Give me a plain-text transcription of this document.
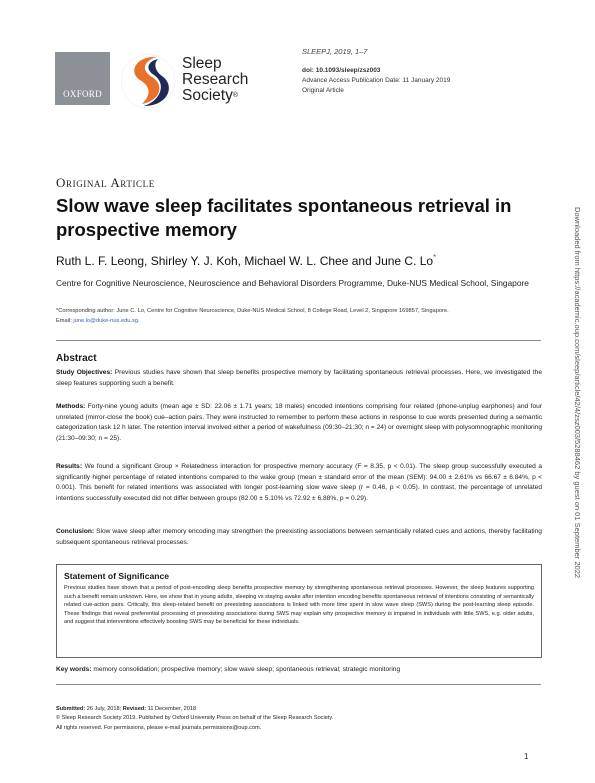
OXFORD
Sleep
Research
Society®
SLEEPJ, 2019, 1–7
doi: 10.1093/sleep/zsz003
Advance Access Publication Date: 11 January 2019
Original Article
Original Article
Slow wave sleep facilitates spontaneous retrieval in prospective memory
Ruth L. F. Leong, Shirley Y. J. Koh, Michael W. L. Chee and June C. Lo*
Centre for Cognitive Neuroscience, Neuroscience and Behavioral Disorders Programme, Duke-NUS Medical School, Singapore
*Corresponding author: June C. Lo, Centre for Cognitive Neuroscience, Duke-NUS Medical School, 8 College Road, Level 2, Singapore 169857, Singapore.
Email: june.lo@duke-nus.edu.sg.
Abstract
Study Objectives: Previous studies have shown that sleep benefits prospective memory by facilitating spontaneous retrieval processes. Here, we investigated the sleep features supporting such a benefit.
Methods: Forty-nine young adults (mean age ± SD: 22.06 ± 1.71 years; 18 males) encoded intentions comprising four related (phone-unplug earphones) and four unrelated (mirror-close the book) cue–action pairs. They were instructed to remember to perform these actions in response to cue words presented during a semantic categorization task 12 h later. The retention interval involved either a period of wakefulness (09:30–21:30; n = 24) or overnight sleep with polysomnographic monitoring (21:30–09:30; n = 25).
Results: We found a significant Group × Relatedness interaction for prospective memory accuracy (F = 8.35, p < 0.01). The sleep group successfully executed a significantly higher percentage of related intentions compared to the wake group (mean ± standard error of the mean (SEM): 94.00 ± 2.61% vs 66.67 ± 6.84%, p < 0.001). This benefit for related intentions was associated with longer post-learning slow wave sleep (r = 0.46, p < 0.05). In contrast, the percentage of unrelated intentions successfully executed did not differ between groups (82.00 ± 5.10% vs 72.92 ± 6.88%, p = 0.29).
Conclusion: Slow wave sleep after memory encoding may strengthen the preexisting associations between semantically related cues and actions, thereby facilitating subsequent spontaneous retrieval processes.
Statement of Significance
Previous studies have shown that a period of post-encoding sleep benefits prospective memory by strengthening spontaneous retrieval processes. However, the sleep features supporting such a benefit remain unknown. Here, we show that in young adults, sleeping vs staying awake after intention encoding benefits spontaneous retrieval of intentions consisting of semantically related cue-action pairs. Critically, this sleep-related benefit on preexisting associations is linked with more time spent in slow wave sleep (SWS) during the post-learning sleep episode. These findings that reveal preferential processing of preexisting associations during SWS may explain why prospective memory is impaired in individuals with little SWS, e.g. older adults, and suggest that interventions effectively boosting SWS may be beneficial for these individuals.
Key words: memory consolidation; prospective memory; slow wave sleep; spontaneous retrieval; strategic monitoring
Submitted: 26 July, 2018; Revised: 11 December, 2018
© Sleep Research Society 2019. Published by Oxford University Press on behalf of the Sleep Research Society.
All rights reserved. For permissions, please e-mail journals.permissions@oup.com.
1
Downloaded from https://academic.oup.com/sleep/article/42/4/zsz003/5288462 by guest on 01 September 2022
